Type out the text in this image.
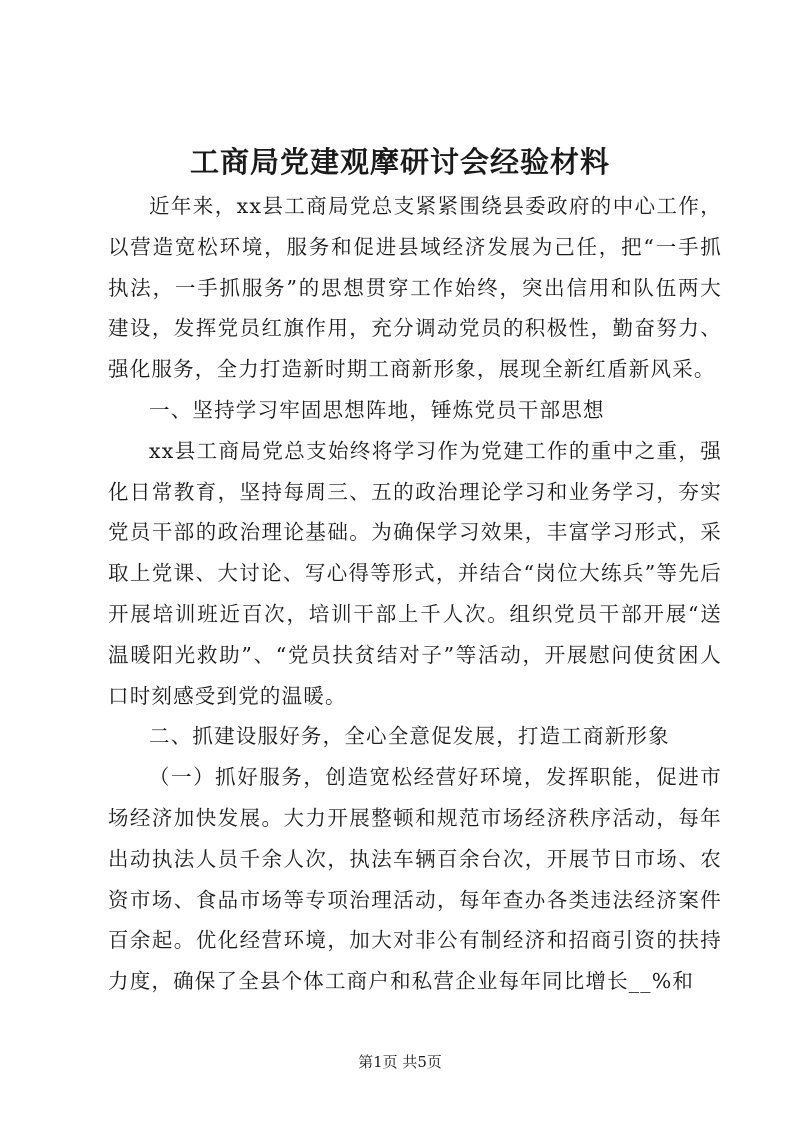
工商局党建观摩研讨会经验材料

近年来，xx县工商局党总支紧紧围绕县委政府的中心工作，以营造宽松环境，服务和促进县域经济发展为己任，把“一手抓执法，一手抓服务”的思想贯穿工作始终，突出信用和队伍两大建设，发挥党员红旗作用，充分调动党员的积极性，勤奋努力、强化服务，全力打造新时期工商新形象，展现全新红盾新风采。

一、坚持学习牢固思想阵地，锤炼党员干部思想

xx县工商局党总支始终将学习作为党建工作的重中之重，强化日常教育，坚持每周三、五的政治理论学习和业务学习，夯实党员干部的政治理论基础。为确保学习效果，丰富学习形式，采取上党课、大讨论、写心得等形式，并结合“岗位大练兵”等先后开展培训班近百次，培训干部上千人次。组织党员干部开展“送温暖阳光救助”、“党员扶贫结对子”等活动，开展慰问使贫困人口时刻感受到党的温暖。

二、抓建设服好务，全心全意促发展，打造工商新形象

（一）抓好服务，创造宽松经营好环境，发挥职能，促进市场经济加快发展。大力开展整顿和规范市场经济秩序活动，每年出动执法人员千余人次，执法车辆百余台次，开展节日市场、农资市场、食品市场等专项治理活动，每年查办各类违法经济案件百余起。优化经营环境，加大对非公有制经济和招商引资的扶持力度，确保了全县个体工商户和私营企业每年同比增长__%和

第1页 共5页
